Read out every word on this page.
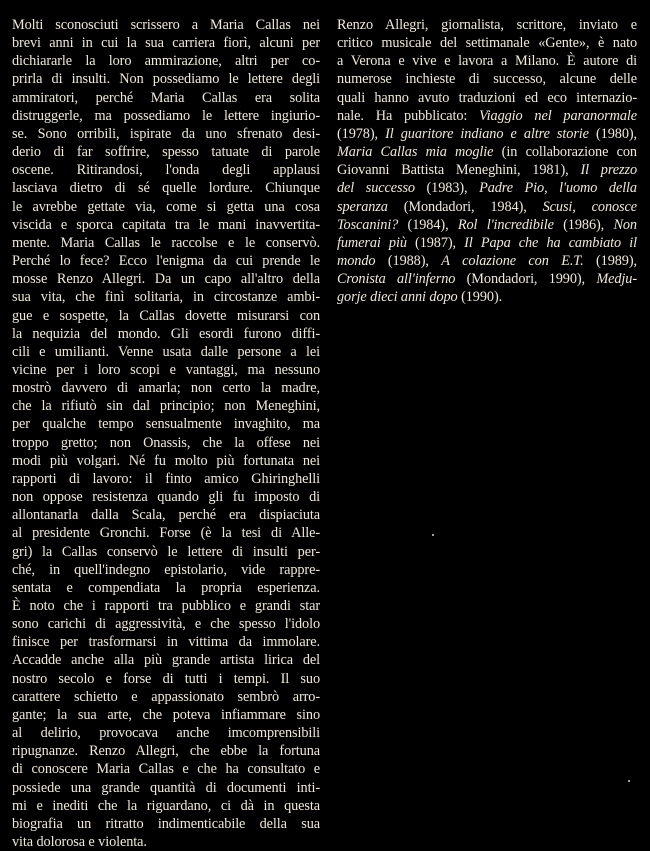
Molti sconosciuti scrissero a Maria Callas nei
brevi anni in cui la sua carriera fiorì, alcuni per
dichiararle la loro ammirazione, altri per co-
prirla di insulti. Non possediamo le lettere degli
ammiratori, perché Maria Callas era solita
distruggerle, ma possediamo le lettere ingiurio-
se. Sono orribili, ispirate da uno sfrenato desi-
derio di far soffrire, spesso tatuate di parole
oscene. Ritirandosi, l'onda degli applausi
lasciava dietro di sé quelle lordure. Chiunque
le avrebbe gettate via, come si getta una cosa
viscida e sporca capitata tra le mani inavvertita-
mente. Maria Callas le raccolse e le conservò.
Perché lo fece? Ecco l'enigma da cui prende le
mosse Renzo Allegri. Da un capo all'altro della
sua vita, che finì solitaria, in circostanze ambi-
gue e sospette, la Callas dovette misurarsi con
la nequizia del mondo. Gli esordi furono diffi-
cili e umilianti. Venne usata dalle persone a lei
vicine per i loro scopi e vantaggi, ma nessuno
mostrò davvero di amarla; non certo la madre,
che la rifiutò sin dal principio; non Meneghini,
per qualche tempo sensualmente invaghito, ma
troppo gretto; non Onassis, che la offese nei
modi più volgari. Né fu molto più fortunata nei
rapporti di lavoro: il finto amico Ghiringhelli
non oppose resistenza quando gli fu imposto di
allontanarla dalla Scala, perché era dispiaciuta
al presidente Gronchi. Forse (è la tesi di Alle-
gri) la Callas conservò le lettere di insulti per-
ché, in quell'indegno epistolario, vide rappre-
sentata e compendiata la propria esperienza.
È noto che i rapporti tra pubblico e grandi star
sono carichi di aggressività, e che spesso l'idolo
finisce per trasformarsi in vittima da immolare.
Accadde anche alla più grande artista lirica del
nostro secolo e forse di tutti i tempi. Il suo
carattere schietto e appassionato sembrò arro-
gante; la sua arte, che poteva infiammare sino
al delirio, provocava anche imcomprensibili
ripugnanze. Renzo Allegri, che ebbe la fortuna
di conoscere Maria Callas e che ha consultato e
possiede una grande quantità di documenti inti-
mi e inediti che la riguardano, ci dà in questa
biografia un ritratto indimenticabile della sua
vita dolorosa e violenta.
Renzo Allegri, giornalista, scrittore, inviato e
critico musicale del settimanale «Gente», è nato
a Verona e vive e lavora a Milano. È autore di
numerose inchieste di successo, alcune delle
quali hanno avuto traduzioni ed eco internazio-
nale. Ha pubblicato: Viaggio nel paranormale
(1978), Il guaritore indiano e altre storie (1980),
Maria Callas mia moglie (in collaborazione con
Giovanni Battista Meneghini, 1981), Il prezzo
del successo (1983), Padre Pio, l'uomo della
speranza (Mondadori, 1984), Scusi, conosce
Toscanini? (1984), Rol l'incredibile (1986), Non
fumerai più (1987), Il Papa che ha cambiato il
mondo (1988), A colazione con E.T. (1989),
Cronista all'inferno (Mondadori, 1990), Medju-
gorje dieci anni dopo (1990).
